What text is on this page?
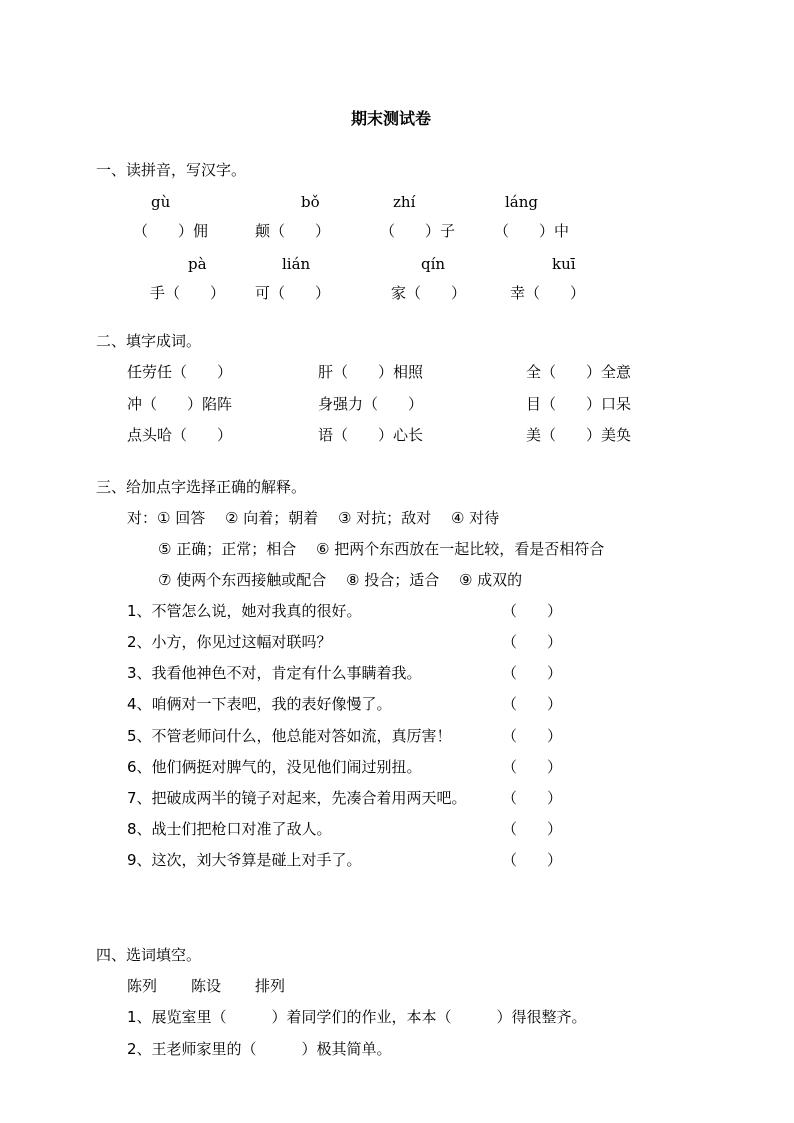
期末测试卷
一、读拼音，写汉字。
gù	bǒ	zhí	láng
（　　）佣	颠（　　）	（　　）子	（　　）中
pà	lián	qín	kuī
手（　　） 可（　　）	家（　　）	幸（　　）
二、填字成词。
任劳任（　　）	肝（　　）相照	全（　　）全意
冲（　　）陷阵	身强力（　　）	目（　　）口呆
点头哈（　　）	语（　　）心长	美（　　）美奂
三、给加点字选择正确的解释。
对：① 回答　 ② 向着；朝着　 ③ 对抗；敌对　 ④ 对待
⑤ 正确；正常；相合　 ⑥ 把两个东西放在一起比较，看是否相符合
⑦ 使两个东西接触或配合　 ⑧ 投合；适合　 ⑨ 成双的
1、不管怎么说，她对我真的很好。	（　　）
2、小方，你见过这幅对联吗？	（　　）
3、我看他神色不对，肯定有什么事瞒着我。	（　　）
4、咱俩对一下表吧，我的表好像慢了。	（　　）
5、不管老师问什么，他总能对答如流，真厉害！	（　　）
6、他们俩挺对脾气的，没见他们闹过别扭。	（　　）
7、把破成两半的镜子对起来，先凑合着用两天吧。 （　　）
8、战士们把枪口对准了敌人。	（　　）
9、这次，刘大爷算是碰上对手了。	（　　）
四、选词填空。
陈列 陈设 排列
1、展览室里（　　　）着同学们的作业，本本（　　　）得很整齐。
2、王老师家里的（　　　）极其简单。
